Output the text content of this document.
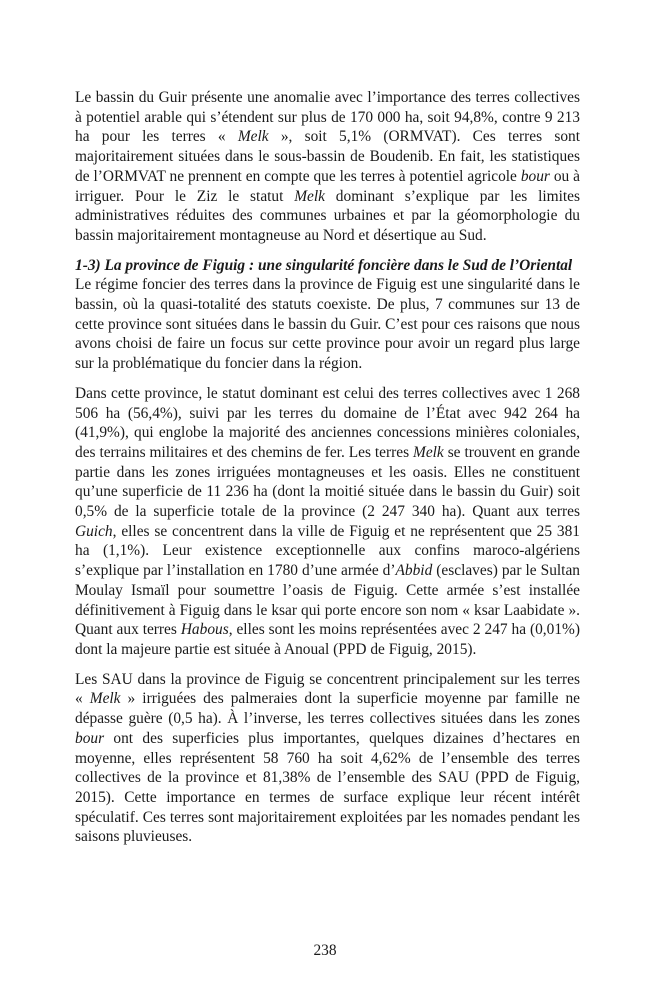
Le bassin du Guir présente une anomalie avec l’importance des terres collectives à potentiel arable qui s’étendent sur plus de 170 000 ha, soit 94,8%, contre 9 213 ha pour les terres « Melk », soit 5,1% (ORMVAT). Ces terres sont majoritairement situées dans le sous-bassin de Boudenib. En fait, les statistiques de l’ORMVAT ne prennent en compte que les terres à potentiel agricole bour ou à irriguer. Pour le Ziz le statut Melk dominant s’explique par les limites administratives réduites des communes urbaines et par la géomorphologie du bassin majoritairement montagneuse au Nord et désertique au Sud.

1-3) La province de Figuig : une singularité foncière dans le Sud de l’Oriental

Le régime foncier des terres dans la province de Figuig est une singularité dans le bassin, où la quasi-totalité des statuts coexiste. De plus, 7 communes sur 13 de cette province sont situées dans le bassin du Guir. C’est pour ces raisons que nous avons choisi de faire un focus sur cette province pour avoir un regard plus large sur la problématique du foncier dans la région.

Dans cette province, le statut dominant est celui des terres collectives avec 1 268 506 ha (56,4%), suivi par les terres du domaine de l’État avec 942 264 ha (41,9%), qui englobe la majorité des anciennes concessions minières coloniales, des terrains militaires et des chemins de fer. Les terres Melk se trouvent en grande partie dans les zones irriguées montagneuses et les oasis. Elles ne constituent qu’une superficie de 11 236 ha (dont la moitié située dans le bassin du Guir) soit 0,5% de la superficie totale de la province (2 247 340 ha). Quant aux terres Guich, elles se concentrent dans la ville de Figuig et ne représentent que 25 381 ha (1,1%). Leur existence exceptionnelle aux confins maroco-algériens s’explique par l’installation en 1780 d’une armée d’Abbid (esclaves) par le Sultan Moulay Ismaïl pour soumettre l’oasis de Figuig. Cette armée s’est installée définitivement à Figuig dans le ksar qui porte encore son nom « ksar Laabidate ». Quant aux terres Habous, elles sont les moins représentées avec 2 247 ha (0,01%) dont la majeure partie est située à Anoual (PPD de Figuig, 2015).

Les SAU dans la province de Figuig se concentrent principalement sur les terres « Melk » irriguées des palmeraies dont la superficie moyenne par famille ne dépasse guère (0,5 ha). À l’inverse, les terres collectives situées dans les zones bour ont des superficies plus importantes, quelques dizaines d’hectares en moyenne, elles représentent 58 760 ha soit 4,62% de l’ensemble des terres collectives de la province et 81,38% de l’ensemble des SAU (PPD de Figuig, 2015). Cette importance en termes de surface explique leur récent intérêt spéculatif. Ces terres sont majoritairement exploitées par les nomades pendant les saisons pluvieuses.

238
